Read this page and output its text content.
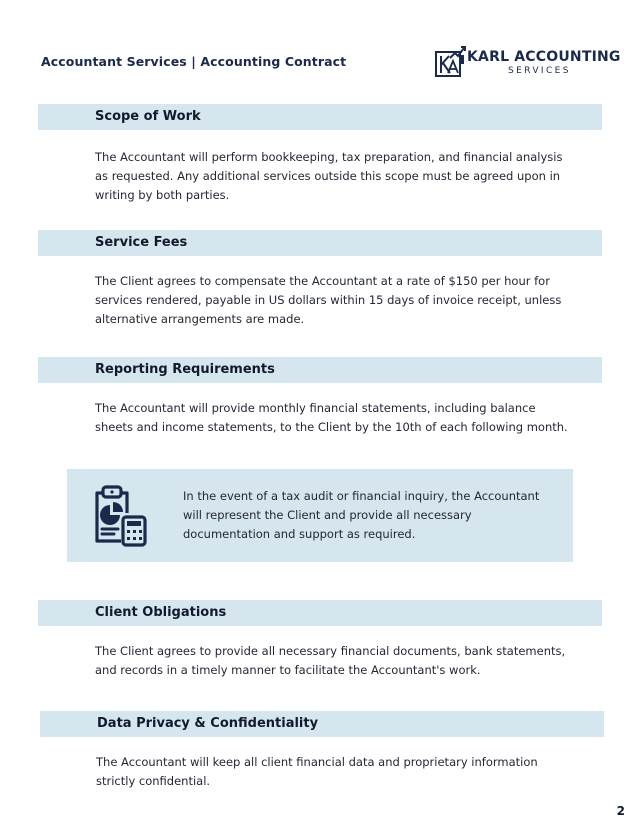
Accountant Services | Accounting Contract	KARL ACCOUNTING
SERVICES
Scope of Work

The Accountant will perform bookkeeping, tax preparation, and financial analysis as requested. Any additional services outside this scope must be agreed upon in writing by both parties.

Service Fees

The Client agrees to compensate the Accountant at a rate of $150 per hour for services rendered, payable in US dollars within 15 days of invoice receipt, unless alternative arrangements are made.

Reporting Requirements

The Accountant will provide monthly financial statements, including balance sheets and income statements, to the Client by the 10th of each following month.

In the event of a tax audit or financial inquiry, the Accountant will represent the Client and provide all necessary documentation and support as required.

Client Obligations

The Client agrees to provide all necessary financial documents, bank statements, and records in a timely manner to facilitate the Accountant's work.

Data Privacy & Confidentiality

The Accountant will keep all client financial data and proprietary information strictly confidential.

2
